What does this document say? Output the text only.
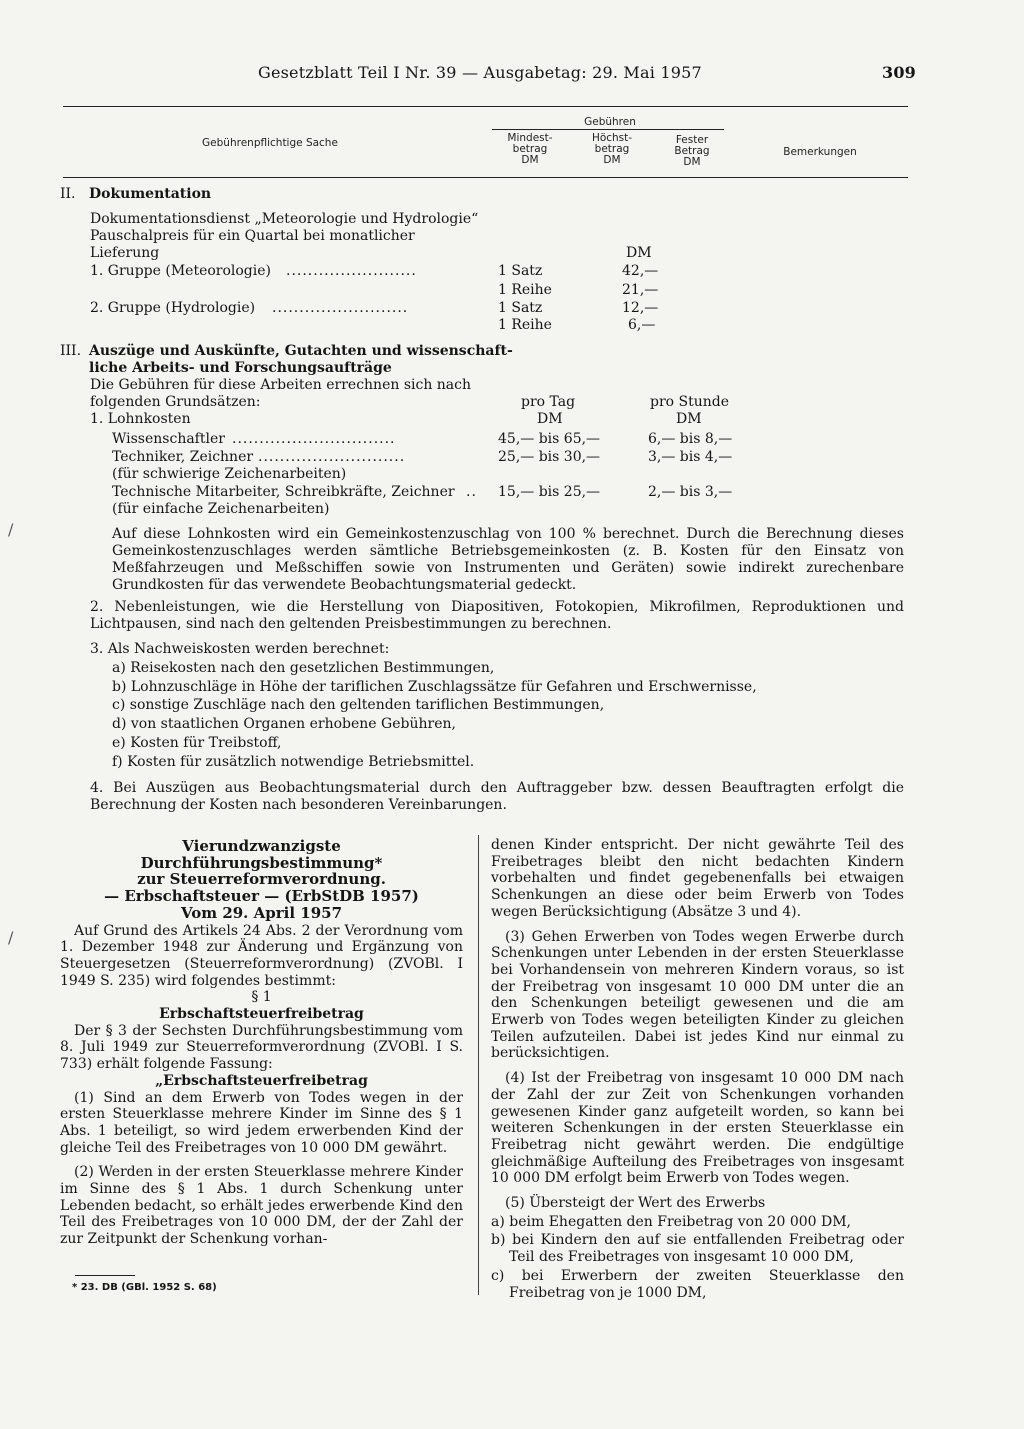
Gesetzblatt Teil I Nr. 39 — Ausgabetag: 29. Mai 1957	309
Gebührenpflichtige Sache
Gebühren
Mindest-
betrag
DM
Höchst-
betrag
DM
Fester
Betrag
DM
Bemerkungen
II. Dokumentation
Dokumentationsdienst „Meteorologie und Hydrologie“
Pauschalpreis für ein Quartal bei monatlicher
Lieferung	DM
1. Gruppe (Meteorologie) ........................	1 Satz	42,—
1 Reihe	21,—
2. Gruppe (Hydrologie) .........................	1 Satz	12,—
1 Reihe	6,—
III. Auszüge und Auskünfte, Gutachten und wissenschaft-
liche Arbeits- und Forschungsaufträge
Die Gebühren für diese Arbeiten errechnen sich nach
folgenden Grundsätzen:	pro Tag	pro Stunde
1. Lohnkosten	DM	DM
Wissenschaftler ..............................	45,— bis 65,—	6,— bis 8,—
Techniker, Zeichner ...........................	25,— bis 30,—	3,— bis 4,—
(für schwierige Zeichenarbeiten)
Technische Mitarbeiter, Schreibkräfte, Zeichner .. 15,— bis 25,—	2,— bis 3,—
(für einfache Zeichenarbeiten)

Auf diese Lohnkosten wird ein Gemeinkostenzuschlag von 100 % berechnet. Durch die Berechnung dieses Gemeinkostenzuschlages werden sämtliche Betriebsgemeinkosten (z. B. Kosten für den Einsatz von Meßfahrzeugen und Meßschiffen sowie von Instrumenten und Geräten) sowie indirekt zurechenbare Grundkosten für das verwendete Beobachtungsmaterial gedeckt.

2. Nebenleistungen, wie die Herstellung von Diapositiven, Fotokopien, Mikrofilmen, Reproduktionen und Lichtpausen, sind nach den geltenden Preisbestimmungen zu berechnen.

3. Als Nachweiskosten werden berechnet:
a) Reisekosten nach den gesetzlichen Bestimmungen,
b) Lohnzuschläge in Höhe der tariflichen Zuschlagssätze für Gefahren und Erschwernisse,
c) sonstige Zuschläge nach den geltenden tariflichen Bestimmungen,
d) von staatlichen Organen erhobene Gebühren,
e) Kosten für Treibstoff,
f) Kosten für zusätzlich notwendige Betriebsmittel.

4. Bei Auszügen aus Beobachtungsmaterial durch den Auftraggeber bzw. dessen Beauftragten erfolgt die Berechnung der Kosten nach besonderen Vereinbarungen.

Vierundzwanzigste Durchführungsbestimmung*

zur Steuerreformverordnung.

— Erbschaftsteuer — (ErbStDB 1957)

Vom 29. April 1957

Auf Grund des Artikels 24 Abs. 2 der Verordnung vom 1. Dezember 1948 zur Änderung und Ergänzung von Steuergesetzen (Steuerreformverordnung) (ZVOBl. I 1949 S. 235) wird folgendes bestimmt:

§ 1

Erbschaftsteuerfreibetrag

Der § 3 der Sechsten Durchführungsbestimmung vom 8. Juli 1949 zur Steuerreformverordnung (ZVOBl. I S. 733) erhält folgende Fassung:

„Erbschaftsteuerfreibetrag

(1) Sind an dem Erwerb von Todes wegen in der ersten Steuerklasse mehrere Kinder im Sinne des § 1 Abs. 1 beteiligt, so wird jedem erwerbenden Kind der gleiche Teil des Freibetrages von 10 000 DM gewährt.

(2) Werden in der ersten Steuerklasse mehrere Kinder im Sinne des § 1 Abs. 1 durch Schenkung unter Lebenden bedacht, so erhält jedes erwerbende Kind den Teil des Freibetrages von 10 000 DM, der der Zahl der zur Zeitpunkt der Schenkung vorhan-

* 23. DB (GBl. 1952 S. 68)

denen Kinder entspricht. Der nicht gewährte Teil des Freibetrages bleibt den nicht bedachten Kindern vorbehalten und findet gegebenenfalls bei etwaigen Schenkungen an diese oder beim Erwerb von Todes wegen Berücksichtigung (Absätze 3 und 4).

(3) Gehen Erwerben von Todes wegen Erwerbe durch Schenkungen unter Lebenden in der ersten Steuerklasse bei Vorhandensein von mehreren Kindern voraus, so ist der Freibetrag von insgesamt 10 000 DM unter die an den Schenkungen beteiligt gewesenen und die am Erwerb von Todes wegen beteiligten Kinder zu gleichen Teilen aufzuteilen. Dabei ist jedes Kind nur einmal zu berücksichtigen.

(4) Ist der Freibetrag von insgesamt 10 000 DM nach der Zahl der zur Zeit von Schenkungen vorhanden gewesenen Kinder ganz aufgeteilt worden, so kann bei weiteren Schenkungen in der ersten Steuerklasse ein Freibetrag nicht gewährt werden. Die endgültige gleichmäßige Aufteilung des Freibetrages von insgesamt 10 000 DM erfolgt beim Erwerb von Todes wegen.

(5) Übersteigt der Wert des Erwerbs

a) beim Ehegatten den Freibetrag von 20 000 DM,

b) bei Kindern den auf sie entfallenden Freibetrag oder Teil des Freibetrages von insgesamt 10 000 DM,

c) bei Erwerbern der zweiten Steuerklasse den Freibetrag von je 1000 DM,

/
/
